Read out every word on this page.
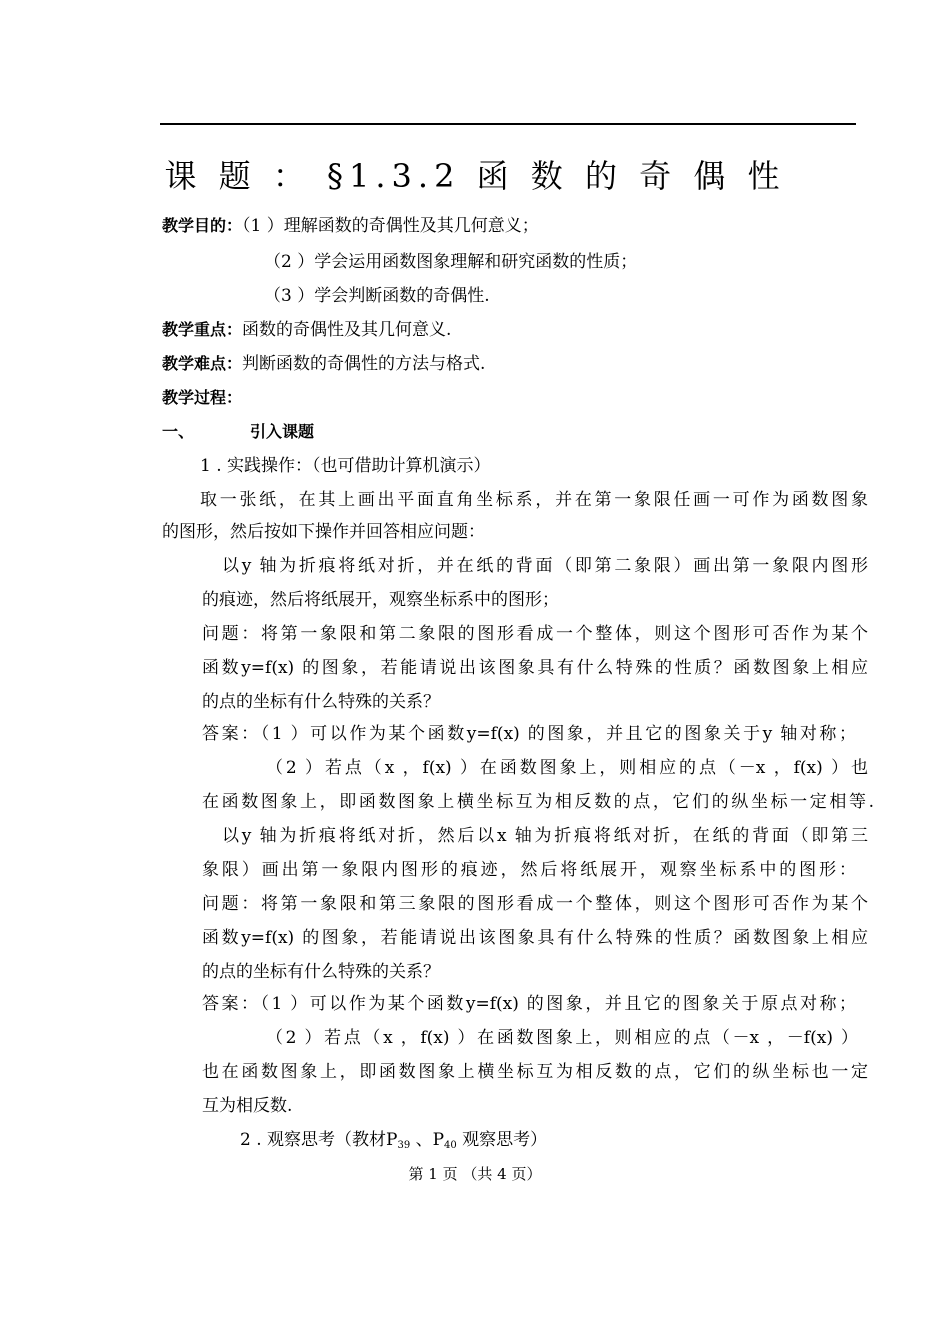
课 题 ： §1.3.2 函 数 的 奇 偶 性
教学目的：（1 ）理解函数的奇偶性及其几何意义；
（2 ）学会运用函数图象理解和研究函数的性质；
（3 ）学会判断函数的奇偶性.
教学重点：函数的奇偶性及其几何意义.
教学难点：判断函数的奇偶性的方法与格式.
教学过程：
一、	引入课题
1 . 实践操作：（也可借助计算机演示）
取一张纸，在其上画出平面直角坐标系，并在第一象限任画一可作为函数图象
的图形，然后按如下操作并回答相应问题：
以y 轴为折痕将纸对折，并在纸的背面（即第二象限）画出第一象限内图形
的痕迹，然后将纸展开，观察坐标系中的图形；
问题：将第一象限和第二象限的图形看成一个整体，则这个图形可否作为某个
函数y=f(x) 的图象，若能请说出该图象具有什么特殊的性质？函数图象上相应
的点的坐标有什么特殊的关系？
答案：（1 ）可以作为某个函数y=f(x) 的图象，并且它的图象关于y 轴对称；
（2 ）若点（x ，f(x) ）在函数图象上，则相应的点（－x ，f(x) ）也
在函数图象上，即函数图象上横坐标互为相反数的点，它们的纵坐标一定相等.
以y 轴为折痕将纸对折，然后以x 轴为折痕将纸对折，在纸的背面（即第三
象限）画出第一象限内图形的痕迹，然后将纸展开，观察坐标系中的图形：
问题：将第一象限和第三象限的图形看成一个整体，则这个图形可否作为某个
函数y=f(x) 的图象，若能请说出该图象具有什么特殊的性质？函数图象上相应
的点的坐标有什么特殊的关系？
答案：（1 ）可以作为某个函数y=f(x) 的图象，并且它的图象关于原点对称；
（2 ）若点（x ，f(x) ）在函数图象上，则相应的点（－x ，－f(x) ）
也在函数图象上，即函数图象上横坐标互为相反数的点，它们的纵坐标也一定
互为相反数.
2 . 观察思考（教材$P_{39}$ 、$P_{40}$ 观察思考）
第 1 页 （共 4 页）
